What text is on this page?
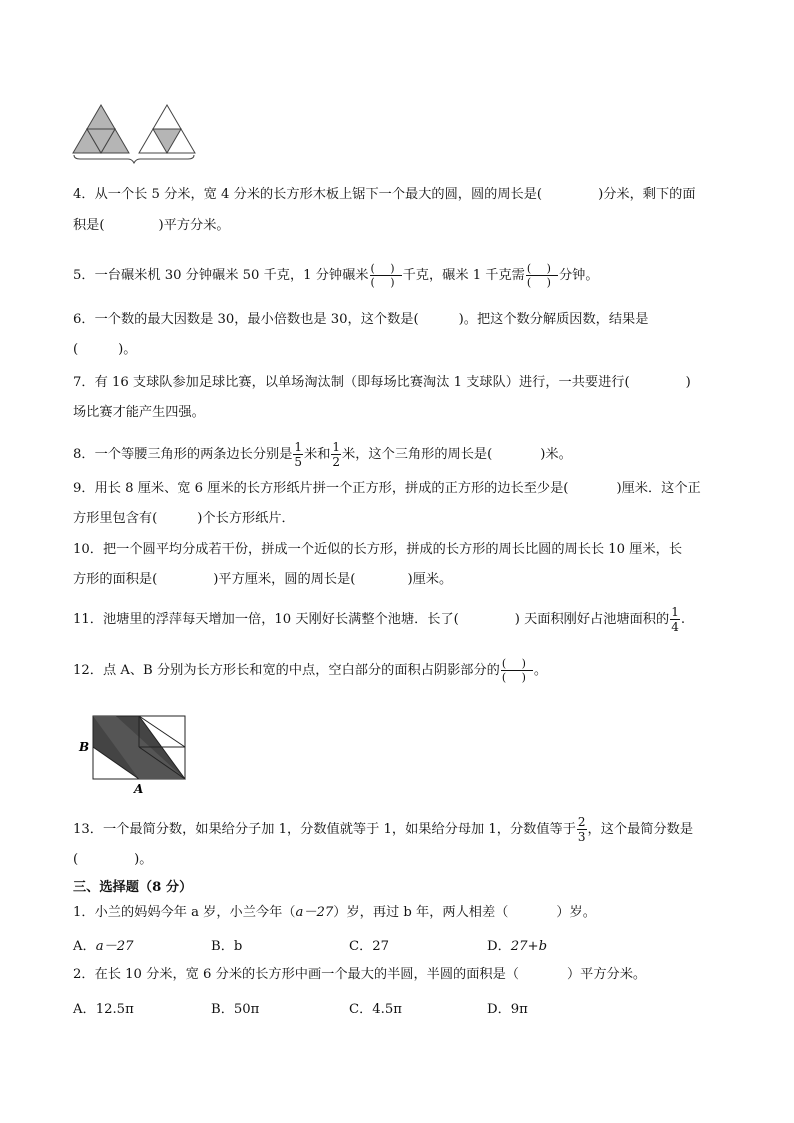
4．从一个长 5 分米，宽 4 分米的长方形木板上锯下一个最大的圆，圆的周长是(	)分米，剩下的面
积是(	)平方分米。
5．一台碾米机 30 分钟碾米 50 千克，1 分钟碾米 $\frac{( )}{( )}$ 千克，碾米 1 千克需 $\frac{( )}{( )}$ 分钟。
6．一个数的最大因数是 30，最小倍数也是 30，这个数是(	)。把这个数分解质因数，结果是
(	)。
7．有 16 支球队参加足球比赛，以单场淘汰制（即每场比赛淘汰 1 支球队）进行，一共要进行(	)
场比赛才能产生四强。
8．一个等腰三角形的两条边长分别是 $\frac{1}{5}$ 米和 $\frac{1}{2}$ 米，这个三角形的周长是(	)米。
9．用长 8 厘米、宽 6 厘米的长方形纸片拼一个正方形，拼成的正方形的边长至少是(	)厘米．这个正
方形里包含有(	)个长方形纸片．
10．把一个圆平均分成若干份，拼成一个近似的长方形，拼成的长方形的周长比圆的周长长 10 厘米，长
方形的面积是(	)平方厘米，圆的周长是(	)厘米。
11．池塘里的浮萍每天增加一倍，10 天刚好长满整个池塘．长了(	) 天面积刚好占池塘面积的 $\frac{1}{4}$ .
12．点 A、B 分别为长方形长和宽的中点，空白部分的面积占阴影部分的 $\frac{( )}{( )}$ 。
B
A
13．一个最简分数，如果给分子加 1，分数值就等于 1，如果给分母加 1，分数值等于 $\frac{2}{3}$ ，这个最简分数是
(	)。
三、选择题（8 分）
1．小兰的妈妈今年 a 岁，小兰今年（a－27）岁，再过 b 年，两人相差（	）岁。
A．a－27	B．b	C．27	D．27+b
2．在长 10 分米，宽 6 分米的长方形中画一个最大的半圆，半圆的面积是（	）平方分米。
A．12.5π	B．50π	C．4.5π	D．9π
